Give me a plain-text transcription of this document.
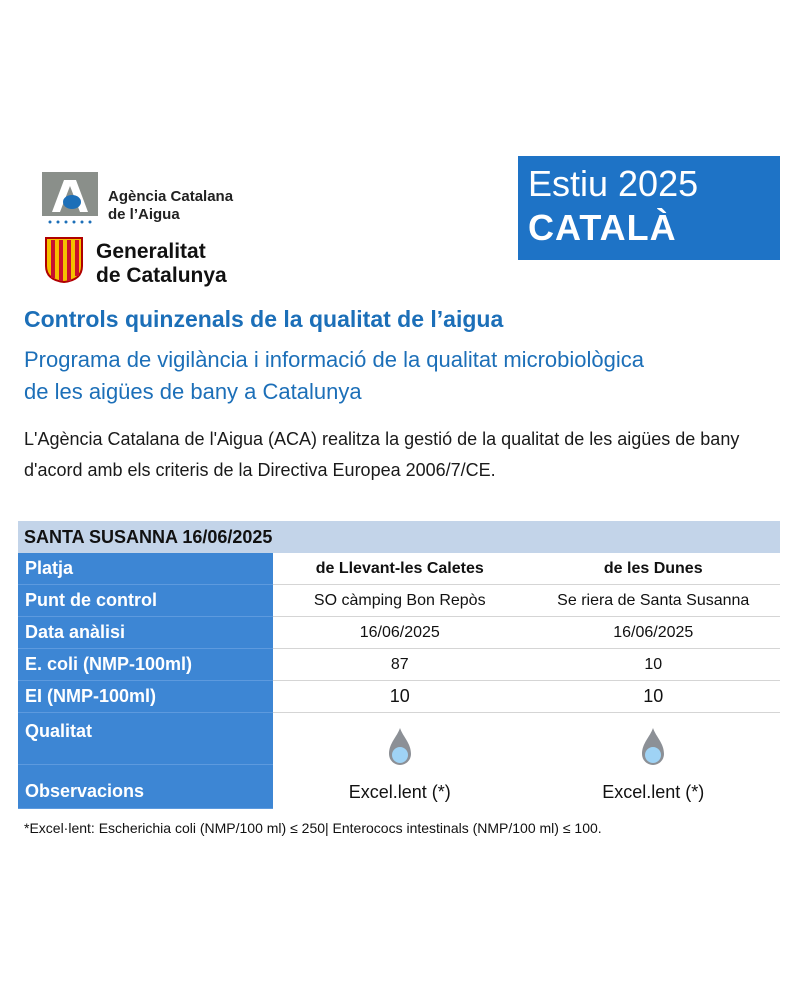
Agència Catalana
de l’Aigua
Generalitat
de Catalunya
Estiu 2025
CATALÀ
Controls quinzenals de la qualitat de l’aigua
Programa de vigilància i informació de la qualitat microbiològica de les aigües de bany a Catalunya
L'Agència Catalana de l'Aigua (ACA) realitza la gestió de la qualitat de les aigües de bany d'acord amb els criteris de la Directiva Europea 2006/7/CE.
SANTA SUSANNA 16/06/2025
Platja	de Llevant-les Caletes	de les Dunes
Punt de control	SO càmping Bon Repòs	Se riera de Santa Susanna
Data anàlisi	16/06/2025	16/06/2025
E. coli (NMP-100ml)	87	10
EI (NMP-100ml)	10	10
Qualitat
Observacions	Excel.lent (*)	Excel.lent (*)
*Excel·lent: Escherichia coli (NMP/100 ml) ≤ 250| Enterococs intestinals (NMP/100 ml) ≤ 100.
